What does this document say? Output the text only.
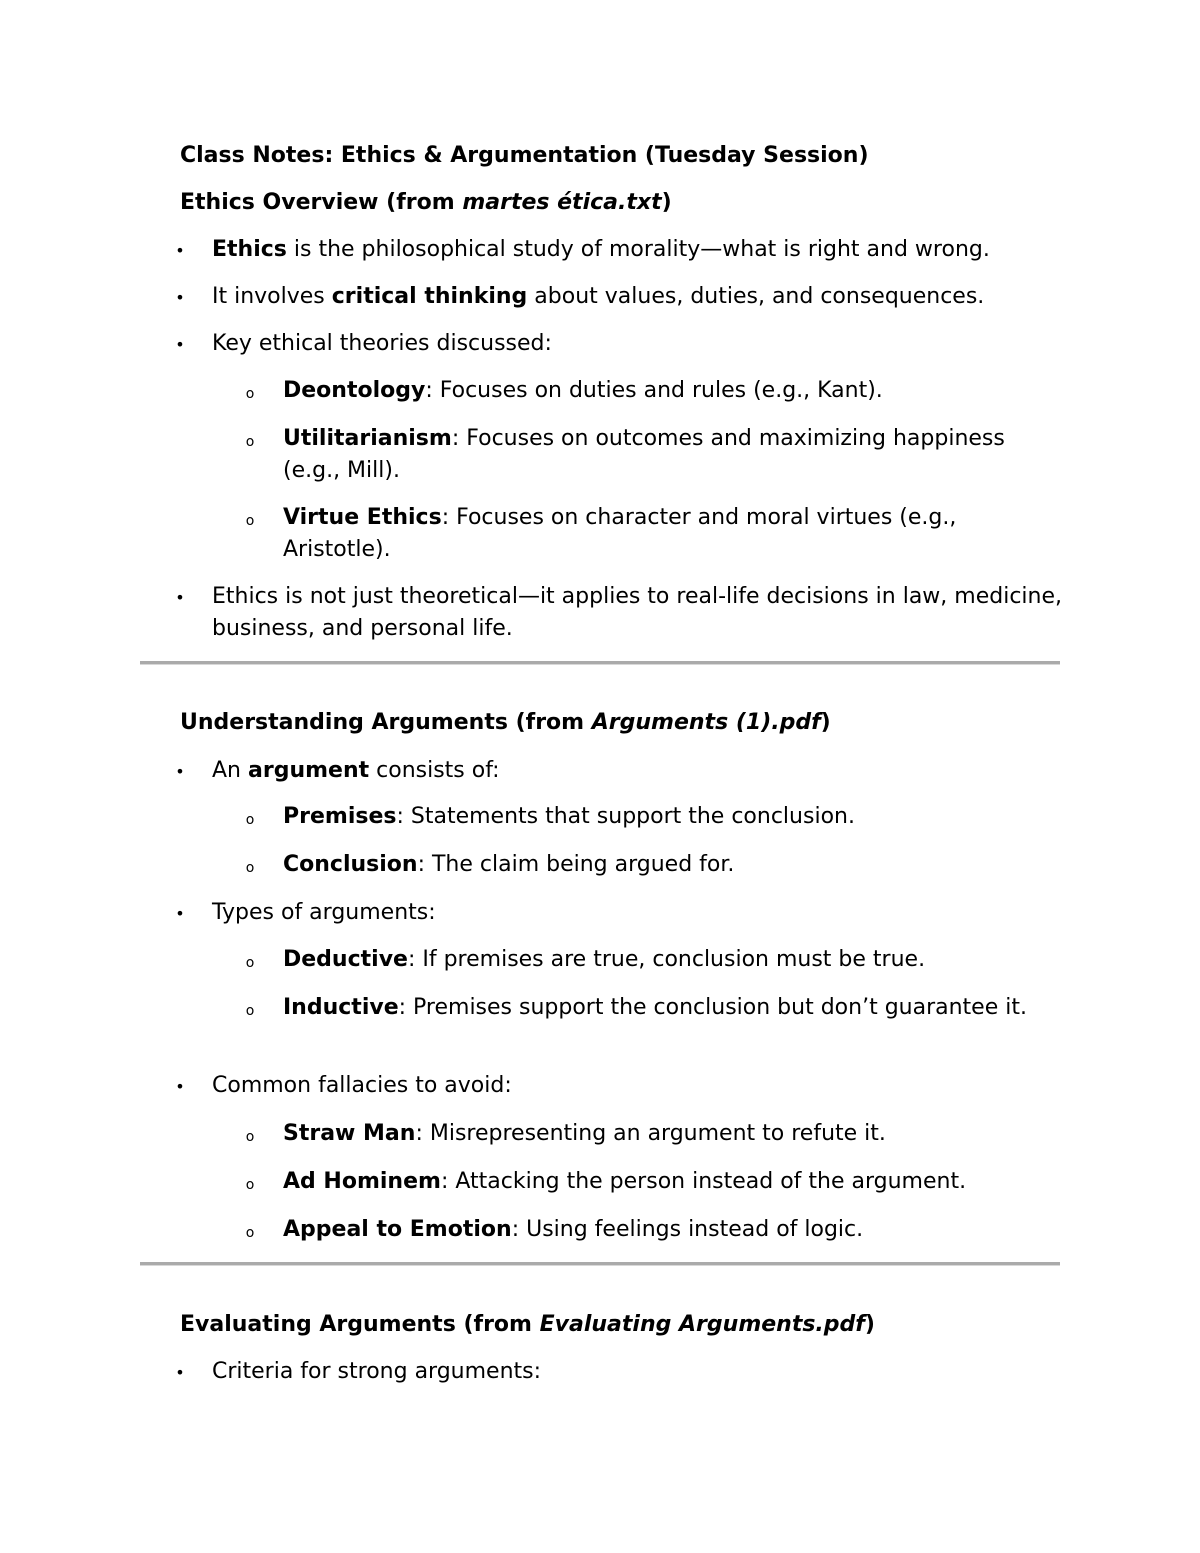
Class Notes: Ethics & Argumentation (Tuesday Session)
Ethics Overview (from martes ética.txt)
• Ethics is the philosophical study of morality—what is right and wrong.
• It involves critical thinking about values, duties, and consequences.
• Key ethical theories discussed:
o Deontology: Focuses on duties and rules (e.g., Kant).
o Utilitarianism: Focuses on outcomes and maximizing happiness (e.g., Mill).
o Virtue Ethics: Focuses on character and moral virtues (e.g., Aristotle).
• Ethics is not just theoretical—it applies to real-life decisions in law, medicine, business, and personal life.
Understanding Arguments (from Arguments (1).pdf)
• An argument consists of:
o Premises: Statements that support the conclusion.
o Conclusion: The claim being argued for.
• Types of arguments:
o Deductive: If premises are true, conclusion must be true.
o Inductive: Premises support the conclusion but don’t guarantee it.
• Common fallacies to avoid:
o Straw Man: Misrepresenting an argument to refute it.
o Ad Hominem: Attacking the person instead of the argument.
o Appeal to Emotion: Using feelings instead of logic.
Evaluating Arguments (from Evaluating Arguments.pdf)
• Criteria for strong arguments:
